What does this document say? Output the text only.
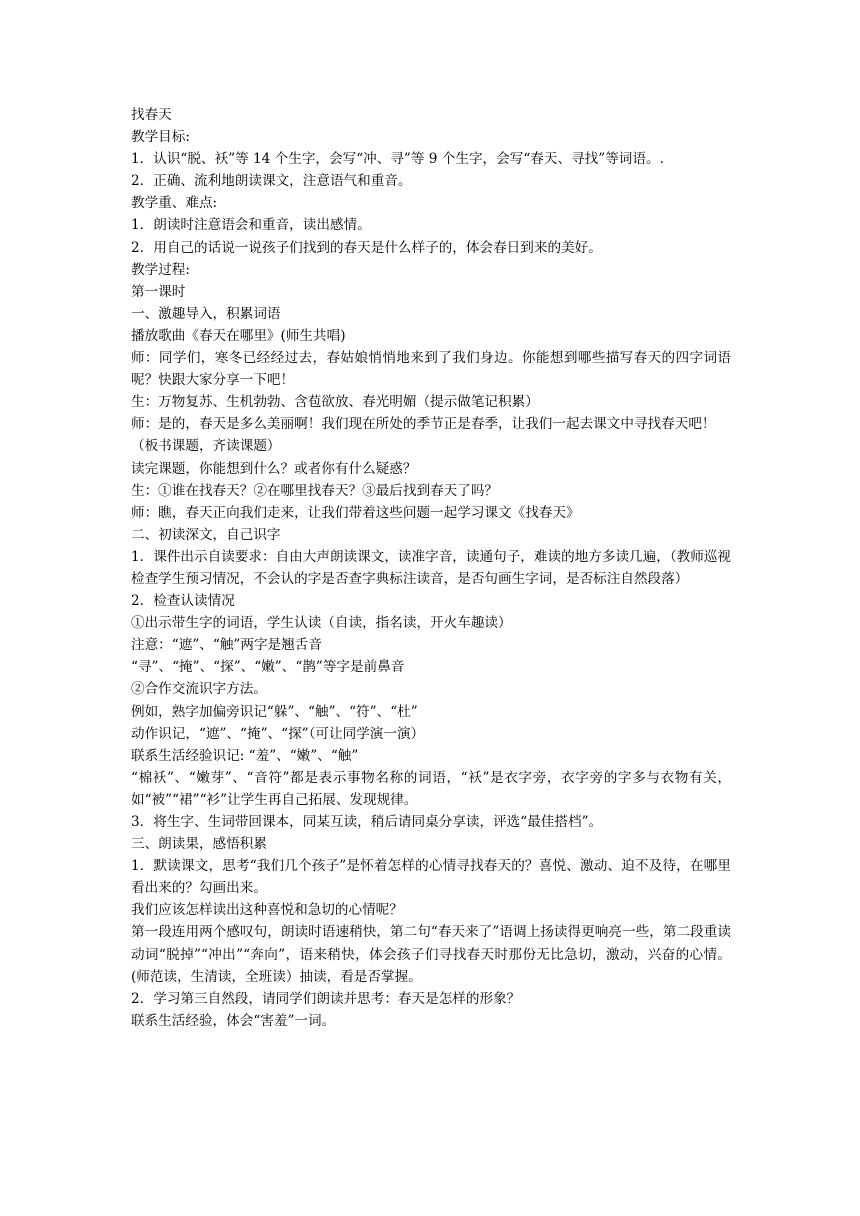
找春天
教学目标:
1．认识“脱、袄”等 14 个生字，会写“冲、寻”等 9 个生字，会写“春天、寻找”等词语。.
2．正确、流利地朗读课文，注意语气和重音。
教学重、难点:
1．朗读时注意语会和重音，读出感情。
2．用自己的话说一说孩子们找到的春天是什么样子的，体会春日到来的美好。
教学过程:
第一课时
一、激趣导入，积累词语
播放歌曲《春天在哪里》(师生共唱)
师：同学们，寒冬已经经过去，春姑娘悄悄地来到了我们身边。你能想到哪些描写春天的四字词语呢？快跟大家分享一下吧！
生：万物复苏、生机勃勃、含苞欲放、春光明媚（提示做笔记积累）
师：是的，春天是多么美丽啊！我们现在所处的季节正是春季，让我们一起去课文中寻找春天吧！
（板书课题，齐读课题）
读完课题，你能想到什么？或者你有什么疑惑？
生：①谁在找春天？②在哪里找春天？③最后找到春天了吗？
师：瞧，春天正向我们走来，让我们带着这些问题一起学习课文《找春天》
二、初读深文，自己识字
1．课件出示自读要求：自由大声朗读课文，读准字音，读通句子，难读的地方多读几遍，（教师巡视检查学生预习情况，不会认的字是否查字典标注读音，是否句画生字词，是否标注自然段落）
2．检查认读情况
①出示带生字的词语，学生认读（自读，指名读，开火车趣读）
注意：“遮”、“触”两字是翘舌音
“寻”、“掩”、“探”、“嫩”、“鹊”等字是前鼻音
②合作交流识字方法。
例如，熟字加偏旁识记“躲”、“触”、“符”、“杜”
动作识记，“遮”、“掩”、“探”（可让同学演一演）
联系生活经验识记: “羞”、“嫩”、“触”
“棉袄”、“嫩芽”、“音符”都是表示事物名称的词语，“袄”是衣字旁，衣字旁的字多与衣物有关，如“被”“裙”“衫”让学生再自己拓展、发现规律。
3．将生字、生词带回课本，同某互读，稍后请同桌分享读，评选“最佳搭档”。
三、朗读果，感悟积累
1．默读课文，思考“我们几个孩子”是怀着怎样的心情寻找春天的？喜悦、激动、迫不及待，在哪里看出来的？勾画出来。
我们应该怎样读出这种喜悦和急切的心情呢？
第一段连用两个感叹句，朗读时语速稍快，第二句“春天来了”语调上扬读得更响亮一些，第二段重读动词“脱掉”“冲出”“奔向”，语来稍快，体会孩子们寻找春天时那份无比急切，激动，兴奋的心情。(师范读，生清读，全班读）抽读，看是否掌握。
2．学习第三自然段，请同学们朗读并思考：春天是怎样的形象？
联系生活经验，体会“害羞”一词。
